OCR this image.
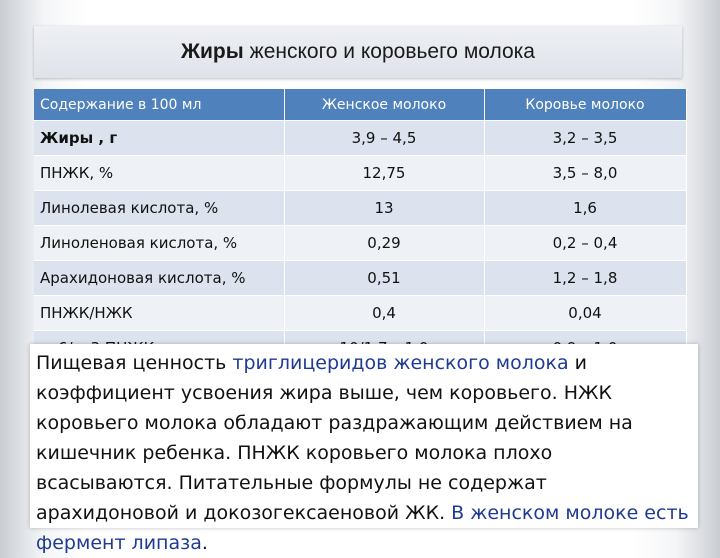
Жиры женского и коровьего молока
Содержание в 100 мл	Женское молоко	Коровье молоко
Жиры , г	3,9 – 4,5	3,2 – 3,5
ПНЖК, %	12,75	3,5 – 8,0
Линолевая кислота, %	13	1,6
Линоленовая кислота, %	0,29	0,2 – 0,4
Арахидоновая кислота, %	0,51	1,2 – 1,8
ПНЖК/НЖК	0,4	0,04

Пищевая ценность триглицеридов женского молока и коэффициент усвоения жира выше, чем коровьего. НЖК коровьего молока обладают раздражающим действием на кишечник ребенка. ПНЖК коровьего молока плохо всасываются. Питательные формулы не содержат арахидоновой и докозогексаеновой ЖК. В женском молоке есть фермент липаза.
